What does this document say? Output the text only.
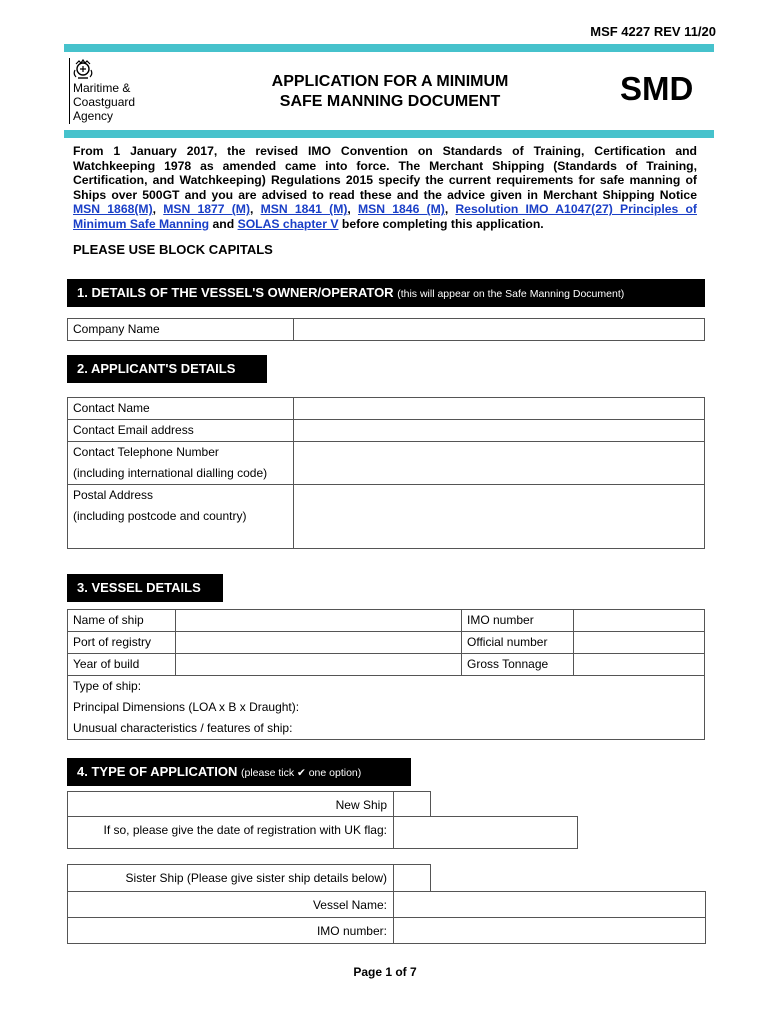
MSF 4227 REV 11/20
Maritime &
Coastguard
Agency
APPLICATION FOR A MINIMUM
SAFE MANNING DOCUMENT	SMD
From 1 January 2017, the revised IMO Convention on Standards of Training, Certification and Watchkeeping 1978 as amended came into force. The Merchant Shipping (Standards of Training, Certification, and Watchkeeping) Regulations 2015 specify the current requirements for safe manning of Ships over 500GT and you are advised to read these and the advice given in Merchant Shipping Notice MSN 1868(M), MSN 1877 (M), MSN 1841 (M), MSN 1846 (M), Resolution IMO A1047(27) Principles of Minimum Safe Manning and SOLAS chapter V before completing this application.
PLEASE USE BLOCK CAPITALS
1. DETAILS OF THE VESSEL'S OWNER/OPERATOR (this will appear on the Safe Manning Document)
Company Name	
2. APPLICANT'S DETAILS
Contact Name	
Contact Email address	

Contact Telephone Number
(including international dialling code)	

Postal Address
(including postcode and country)	

3. VESSEL DETAILS
Name of ship		IMO number	
Port of registry		Official number	
Year of build		Gross Tonnage	

Type of ship:
Principal Dimensions (LOA x B x Draught):
Unusual characteristics / features of ship:			
4. TYPE OF APPLICATION (please tick ✔ one option)
New Ship
If so, please give the date of registration with UK flag:
Sister Ship (Please give sister ship details below)
Vessel Name:
IMO number:
Page 1 of 7
